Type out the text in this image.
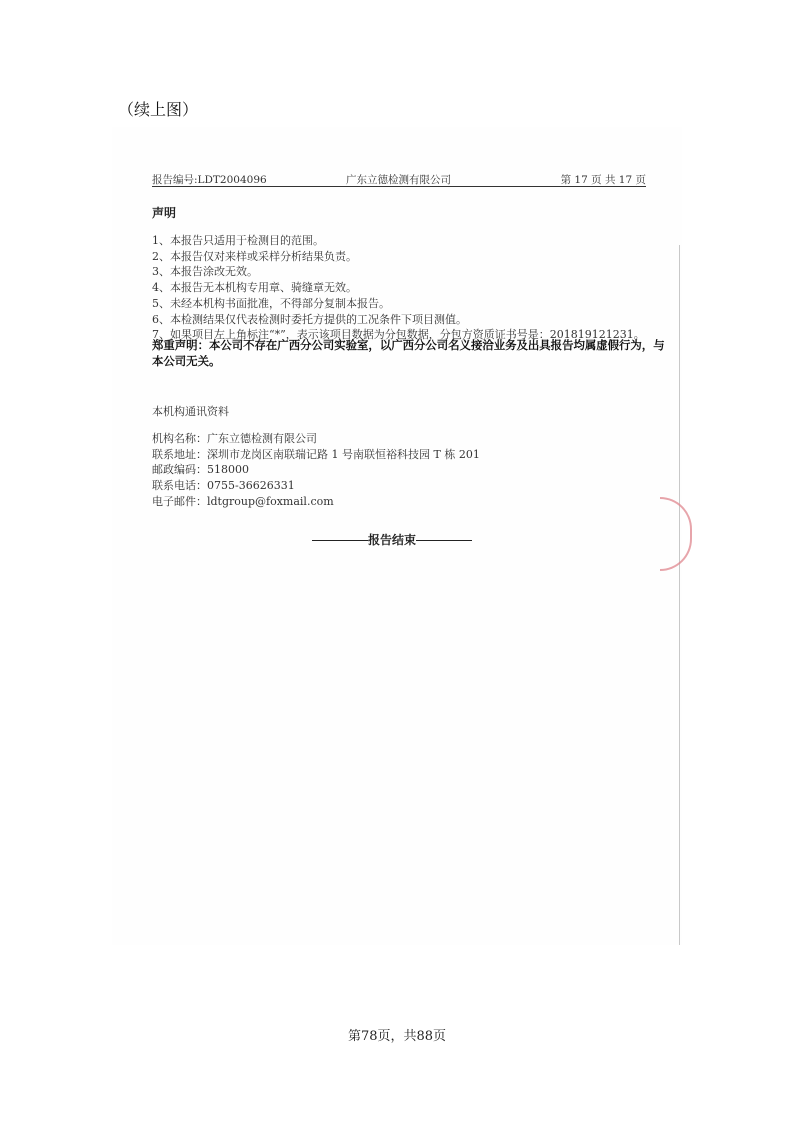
（续上图）
报告编号:LDT2004096	广东立德检测有限公司	第 17 页 共 17 页
声明
1、本报告只适用于检测目的范围。
2、本报告仅对来样或采样分析结果负责。
3、本报告涂改无效。
4、本报告无本机构专用章、骑缝章无效。
5、未经本机构书面批准，不得部分复制本报告。
6、本检测结果仅代表检测时委托方提供的工况条件下项目测值。
7、如果项目左上角标注“*”，表示该项目数据为分包数据，分包方资质证书号是：201819121231。
郑重声明：本公司不存在广西分公司实验室，以广西分公司名义接洽业务及出具报告均属虚假行为，与本公司无关。
本机构通讯资料
机构名称：广东立德检测有限公司
联系地址：深圳市龙岗区南联瑞记路 1 号南联恒裕科技园 T 栋 201
邮政编码：518000
联系电话：0755-36626331
电子邮件：ldtgroup@foxmail.com
报告结束
第78页，共88页
